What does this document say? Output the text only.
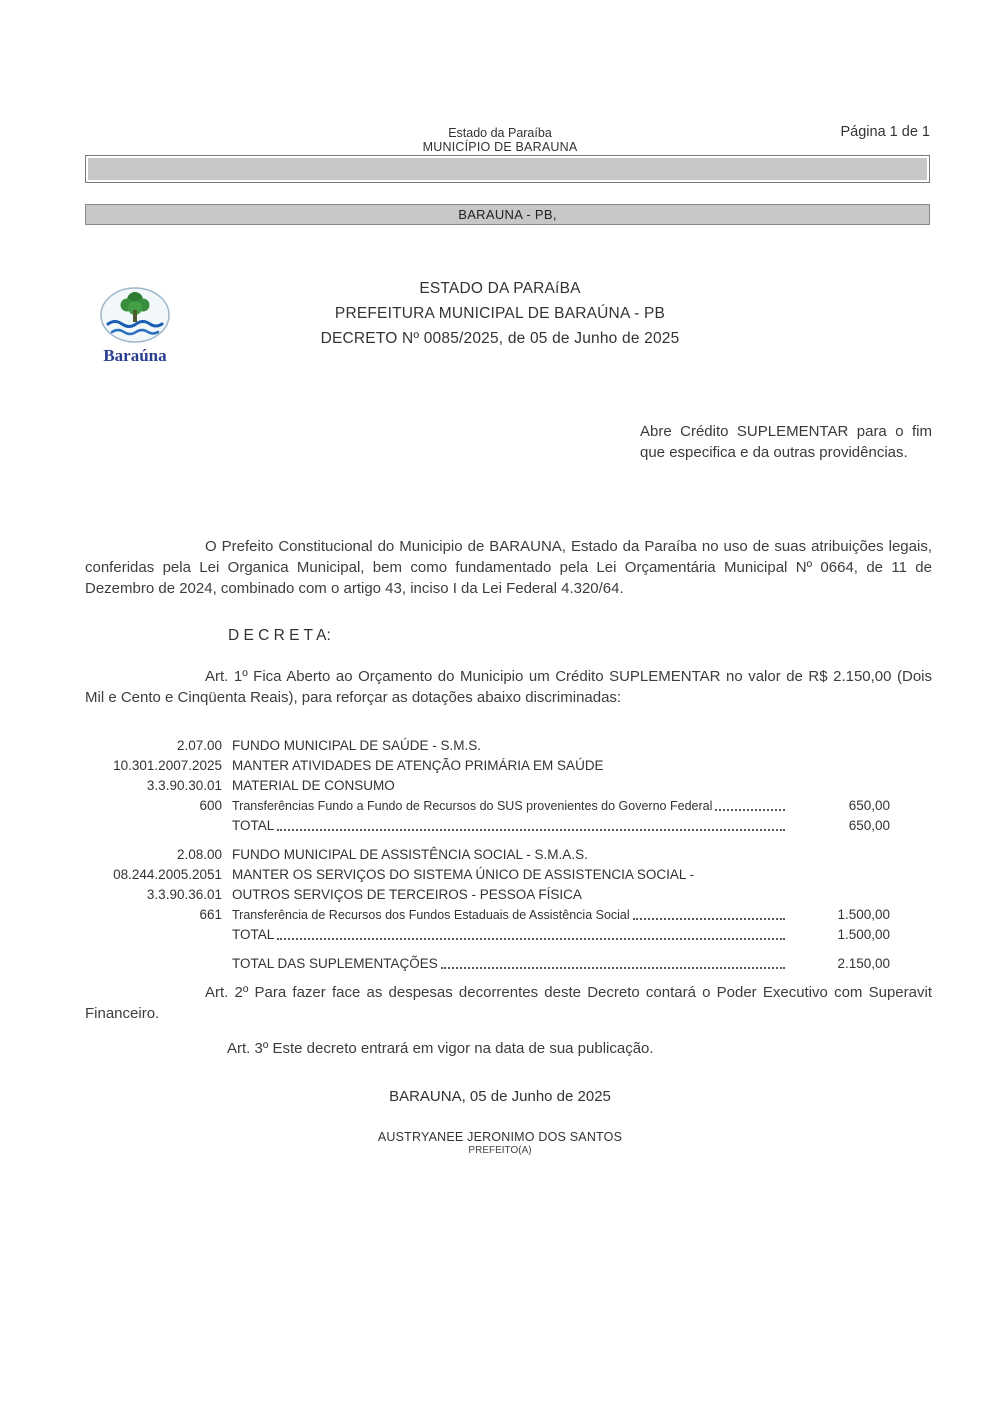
Estado da Paraíba
MUNICÍPIO DE BARAUNA
Página 1 de 1
BARAUNA - PB,
Baraúna
ESTADO DA PARAíBA
PREFEITURA MUNICIPAL DE BARAÚNA - PB
DECRETO Nº 0085/2025, de 05 de Junho de 2025
Abre Crédito SUPLEMENTAR para o fim que especifica e da outras providências.

O Prefeito Constitucional do Municipio de BARAUNA, Estado da Paraíba no uso de suas atribuições legais, conferidas pela Lei Organica Municipal, bem como fundamentado pela Lei Orçamentária Municipal Nº 0664, de 11 de Dezembro de 2024, combinado com o artigo 43, inciso I da Lei Federal 4.320/64.

D E C R E T A:

Art. 1º Fica Aberto ao Orçamento do Municipio um Crédito SUPLEMENTAR no valor de R$ 2.150,00 (Dois Mil e Cento e Cinqüenta Reais), para reforçar as dotações abaixo discriminadas:

2.07.00 FUNDO MUNICIPAL DE SAÚDE - S.M.S.
10.301.2007.2025 MANTER ATIVIDADES DE ATENÇÃO PRIMÁRIA EM SAÚDE
3.3.90.30.01 MATERIAL DE CONSUMO
600 Transferências Fundo a Fundo de Recursos do SUS provenientes do Governo Federal	650,00
TOTAL	650,00
2.08.00 FUNDO MUNICIPAL DE ASSISTÊNCIA SOCIAL - S.M.A.S.
08.244.2005.2051 MANTER OS SERVIÇOS DO SISTEMA ÚNICO DE ASSISTENCIA SOCIAL -
3.3.90.36.01 OUTROS SERVIÇOS DE TERCEIROS - PESSOA FÍSICA
661 Transferência de Recursos dos Fundos Estaduais de Assistência Social	1.500,00
TOTAL	1.500,00
TOTAL DAS SUPLEMENTAÇÕES	2.150,00

Art. 2º Para fazer face as despesas decorrentes deste Decreto contará o Poder Executivo com Superavit Financeiro.

Art. 3º Este decreto entrará em vigor na data de sua publicação.

BARAUNA, 05 de Junho de 2025

AUSTRYANEE JERONIMO DOS SANTOS
PREFEITO(A)
